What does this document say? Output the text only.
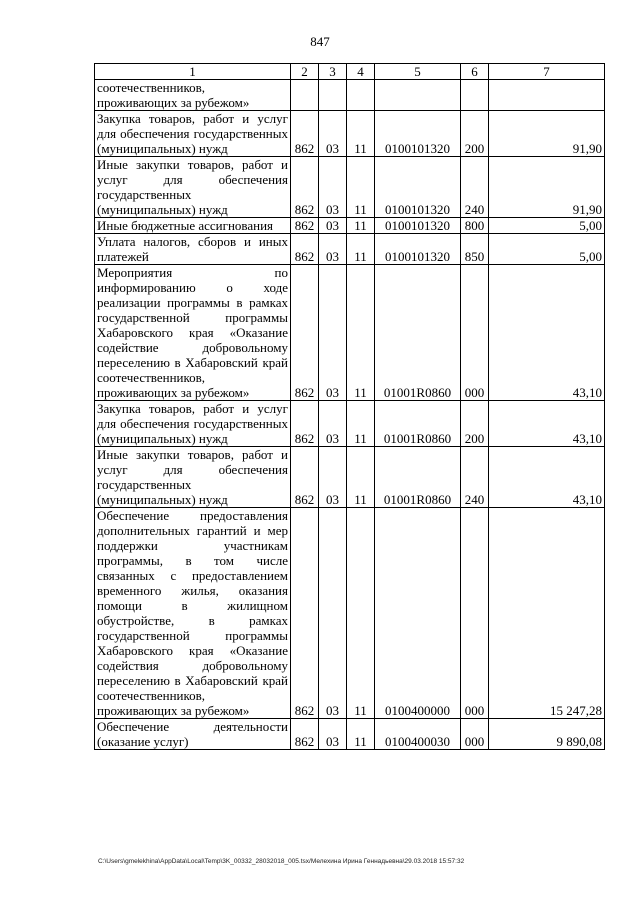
847
1	2	3	4	5	6	7

соотечественников, проживающих за рубежом»						

Закупка товаров, работ и услуг для обеспечения государственных (муниципальных) нужд	862	03	11	0100101320	200	91,90

Иные закупки товаров, работ и услуг для обеспечения государственных (муниципальных) нужд	862	03	11	0100101320	240	91,90

Иные бюджетные ассигнования	862	03	11	0100101320	800	5,00

Уплата налогов, сборов и иных платежей	862	03	11	0100101320	850	5,00

Мероприятия по информированию о ходе реализации программы в рамках государственной программы Хабаровского края «Оказание содействие добровольному переселению в Хабаровский край соотечественников, проживающих за рубежом»	862	03	11	01001R0860	000	43,10

Закупка товаров, работ и услуг для обеспечения государственных (муниципальных) нужд	862	03	11	01001R0860	200	43,10

Иные закупки товаров, работ и услуг для обеспечения государственных (муниципальных) нужд	862	03	11	01001R0860	240	43,10

Обеспечение предоставления дополнительных гарантий и мер поддержки участникам программы, в том числе связанных с предоставлением временного жилья, оказания помощи в жилищном обустройстве, в рамках государственной программы Хабаровского края «Оказание содействия добровольному переселению в Хабаровский край соотечественников, проживающих за рубежом»	862	03	11	0100400000	000	15 247,28

Обеспечение деятельности (оказание услуг)	862	03	11	0100400030	000	9 890,08
C:\Users\gmelekhina\AppData\Local\Temp\3K_00332_28032018_005.tsx/Мелехина Ирина Геннадьевна\29.03.2018 15:57:32
